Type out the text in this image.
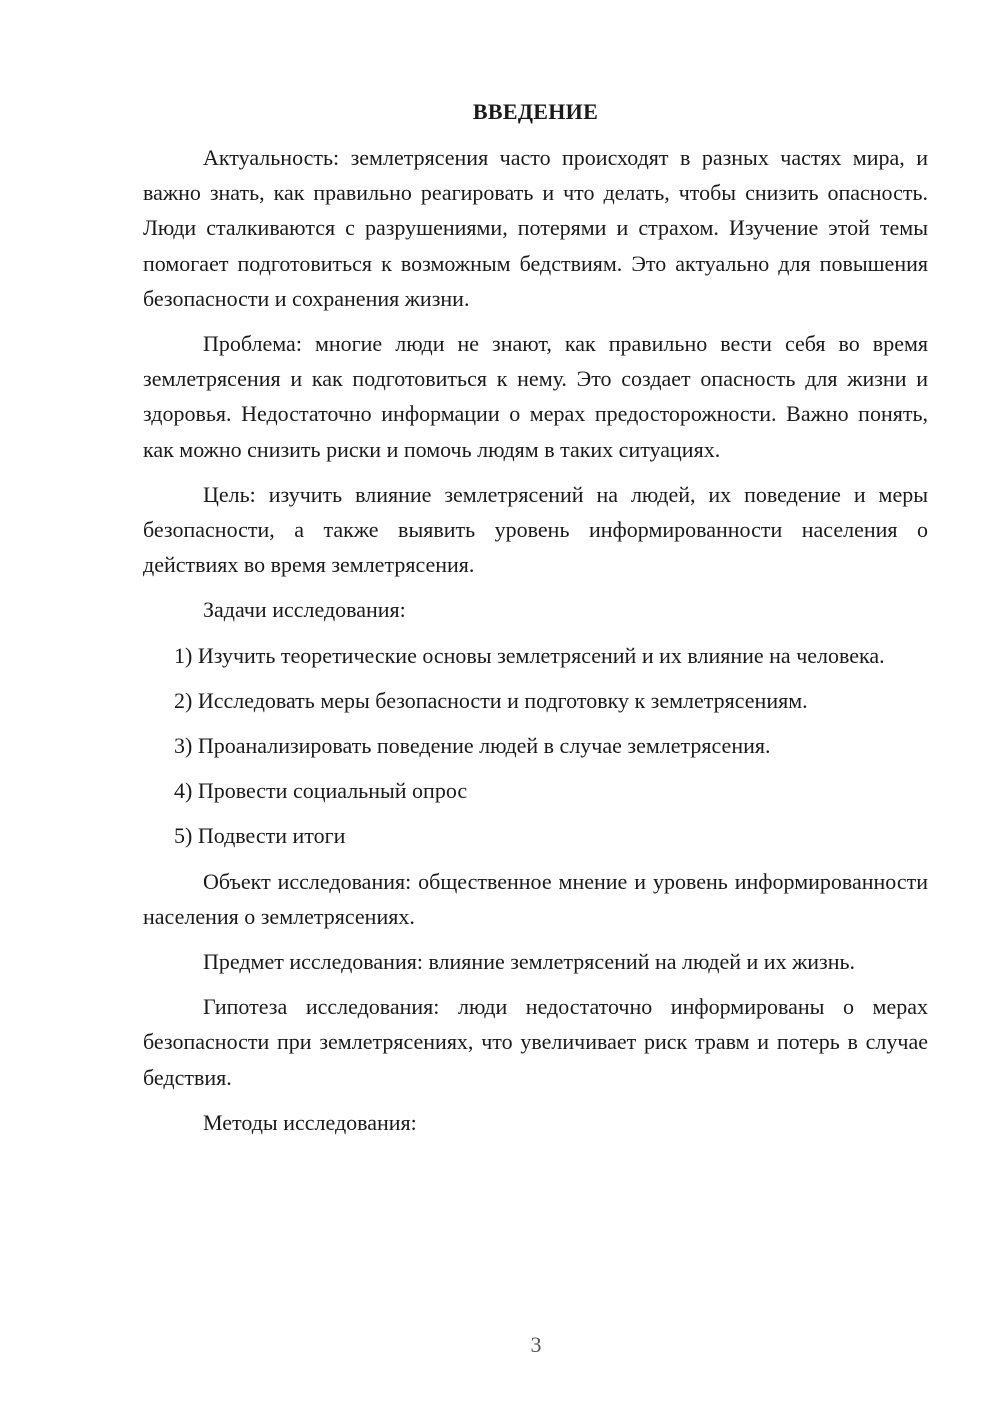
ВВЕДЕНИЕ

Актуальность: землетрясения часто происходят в разных частях мира, и важно знать, как правильно реагировать и что делать, чтобы снизить опасность. Люди сталкиваются с разрушениями, потерями и страхом. Изучение этой темы помогает подготовиться к возможным бедствиям. Это актуально для повышения безопасности и сохранения жизни.

Проблема: многие люди не знают, как правильно вести себя во время землетрясения и как подготовиться к нему. Это создает опасность для жизни и здоровья. Недостаточно информации о мерах предосторожности. Важно понять, как можно снизить риски и помочь людям в таких ситуациях.

Цель: изучить влияние землетрясений на людей, их поведение и меры безопасности, а также выявить уровень информированности населения о действиях во время землетрясения.

Задачи исследования:

1) Изучить теоретические основы землетрясений и их влияние на человека.

2) Исследовать меры безопасности и подготовку к землетрясениям.

3) Проанализировать поведение людей в случае землетрясения.

4) Провести социальный опрос

5) Подвести итоги

Объект исследования: общественное мнение и уровень информированности населения о землетрясениях.

Предмет исследования: влияние землетрясений на людей и их жизнь.

Гипотеза исследования: люди недостаточно информированы о мерах безопасности при землетрясениях, что увеличивает риск травм и потерь в случае бедствия.

Методы исследования:

3
